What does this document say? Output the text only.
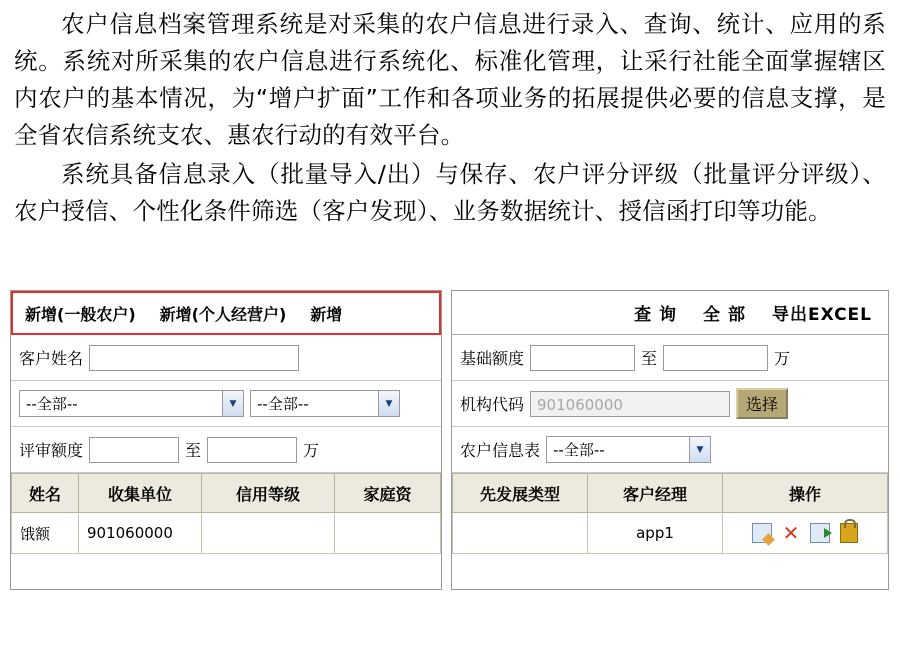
农户信息档案管理系统是对采集的农户信息进行录入、查询、统计、应用的系统。系统对所采集的农户信息进行系统化、标准化管理，让采行社能全面掌握辖区内农户的基本情况，为“增户扩面”工作和各项业务的拓展提供必要的信息支撑，是全省农信系统支农、惠农行动的有效平台。

系统具备信息录入（批量导入/出）与保存、农户评分评级（批量评分评级）、农户授信、个性化条件筛选（客户发现）、业务数据统计、授信函打印等功能。

新增(一般农户)	新增(个人经营户)	新增
客户姓名
--全部--	▼	--全部--	▼
评审额度	至	万
姓名	收集单位	信用等级	家庭资
饿额	901060000		
查 询 全 部 导出EXCEL
基础额度	至	万
机构代码 901060000	选择
农户信息表 --全部--	▼
先发展类型	客户经理	操作
	app1	✕
